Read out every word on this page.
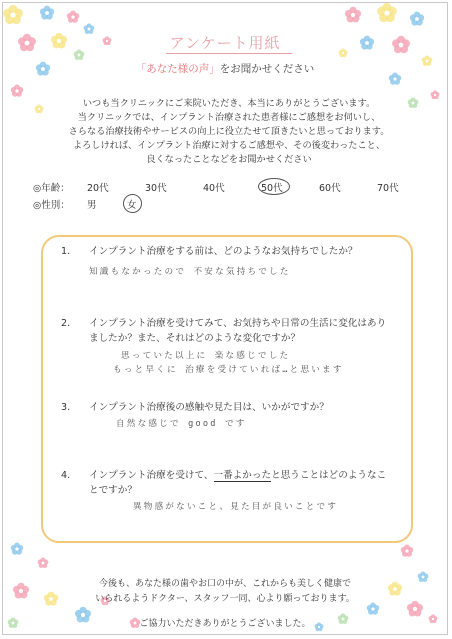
アンケート用紙
「あなた様の声」をお聞かせください
いつも当クリニックにご来院いただき、本当にありがとうございます。
当クリニックでは、インプラント治療された患者様にご感想をお伺いし、
さらなる治療技術やサービスの向上に役立たせて頂きたいと思っております。
よろしければ、インプラント治療に対するご感想や、その後変わったこと、
良くなったことなどをお聞かせください
◎年齢： 20代	30代	40代	50代	60代	70代
◎性別： 男	女
1.	インプラント治療をする前は、どのようなお気持ちでしたか？
知識もなかったので 不安な気持ちでした
2.	インプラント治療を受けてみて、お気持ちや日常の生活に変化はあり
ましたか？また、それはどのような変化ですか？
思っていた以上に 楽な感じでした
もっと早くに 治療を受けていれば…と思います
3.	インプラント治療後の感触や見た目は、いかがですか？
自然な感じで good です
4.	インプラント治療を受けて、一番よかったと思うことはどのようなこ
とですか？
異物感がないこと、見た目が良いことです
今後も、あなた様の歯やお口の中が、これからも美しく健康で
いられるようドクター、スタッフ一同、心より願っております。
ご協力いただきありがとうございました。
